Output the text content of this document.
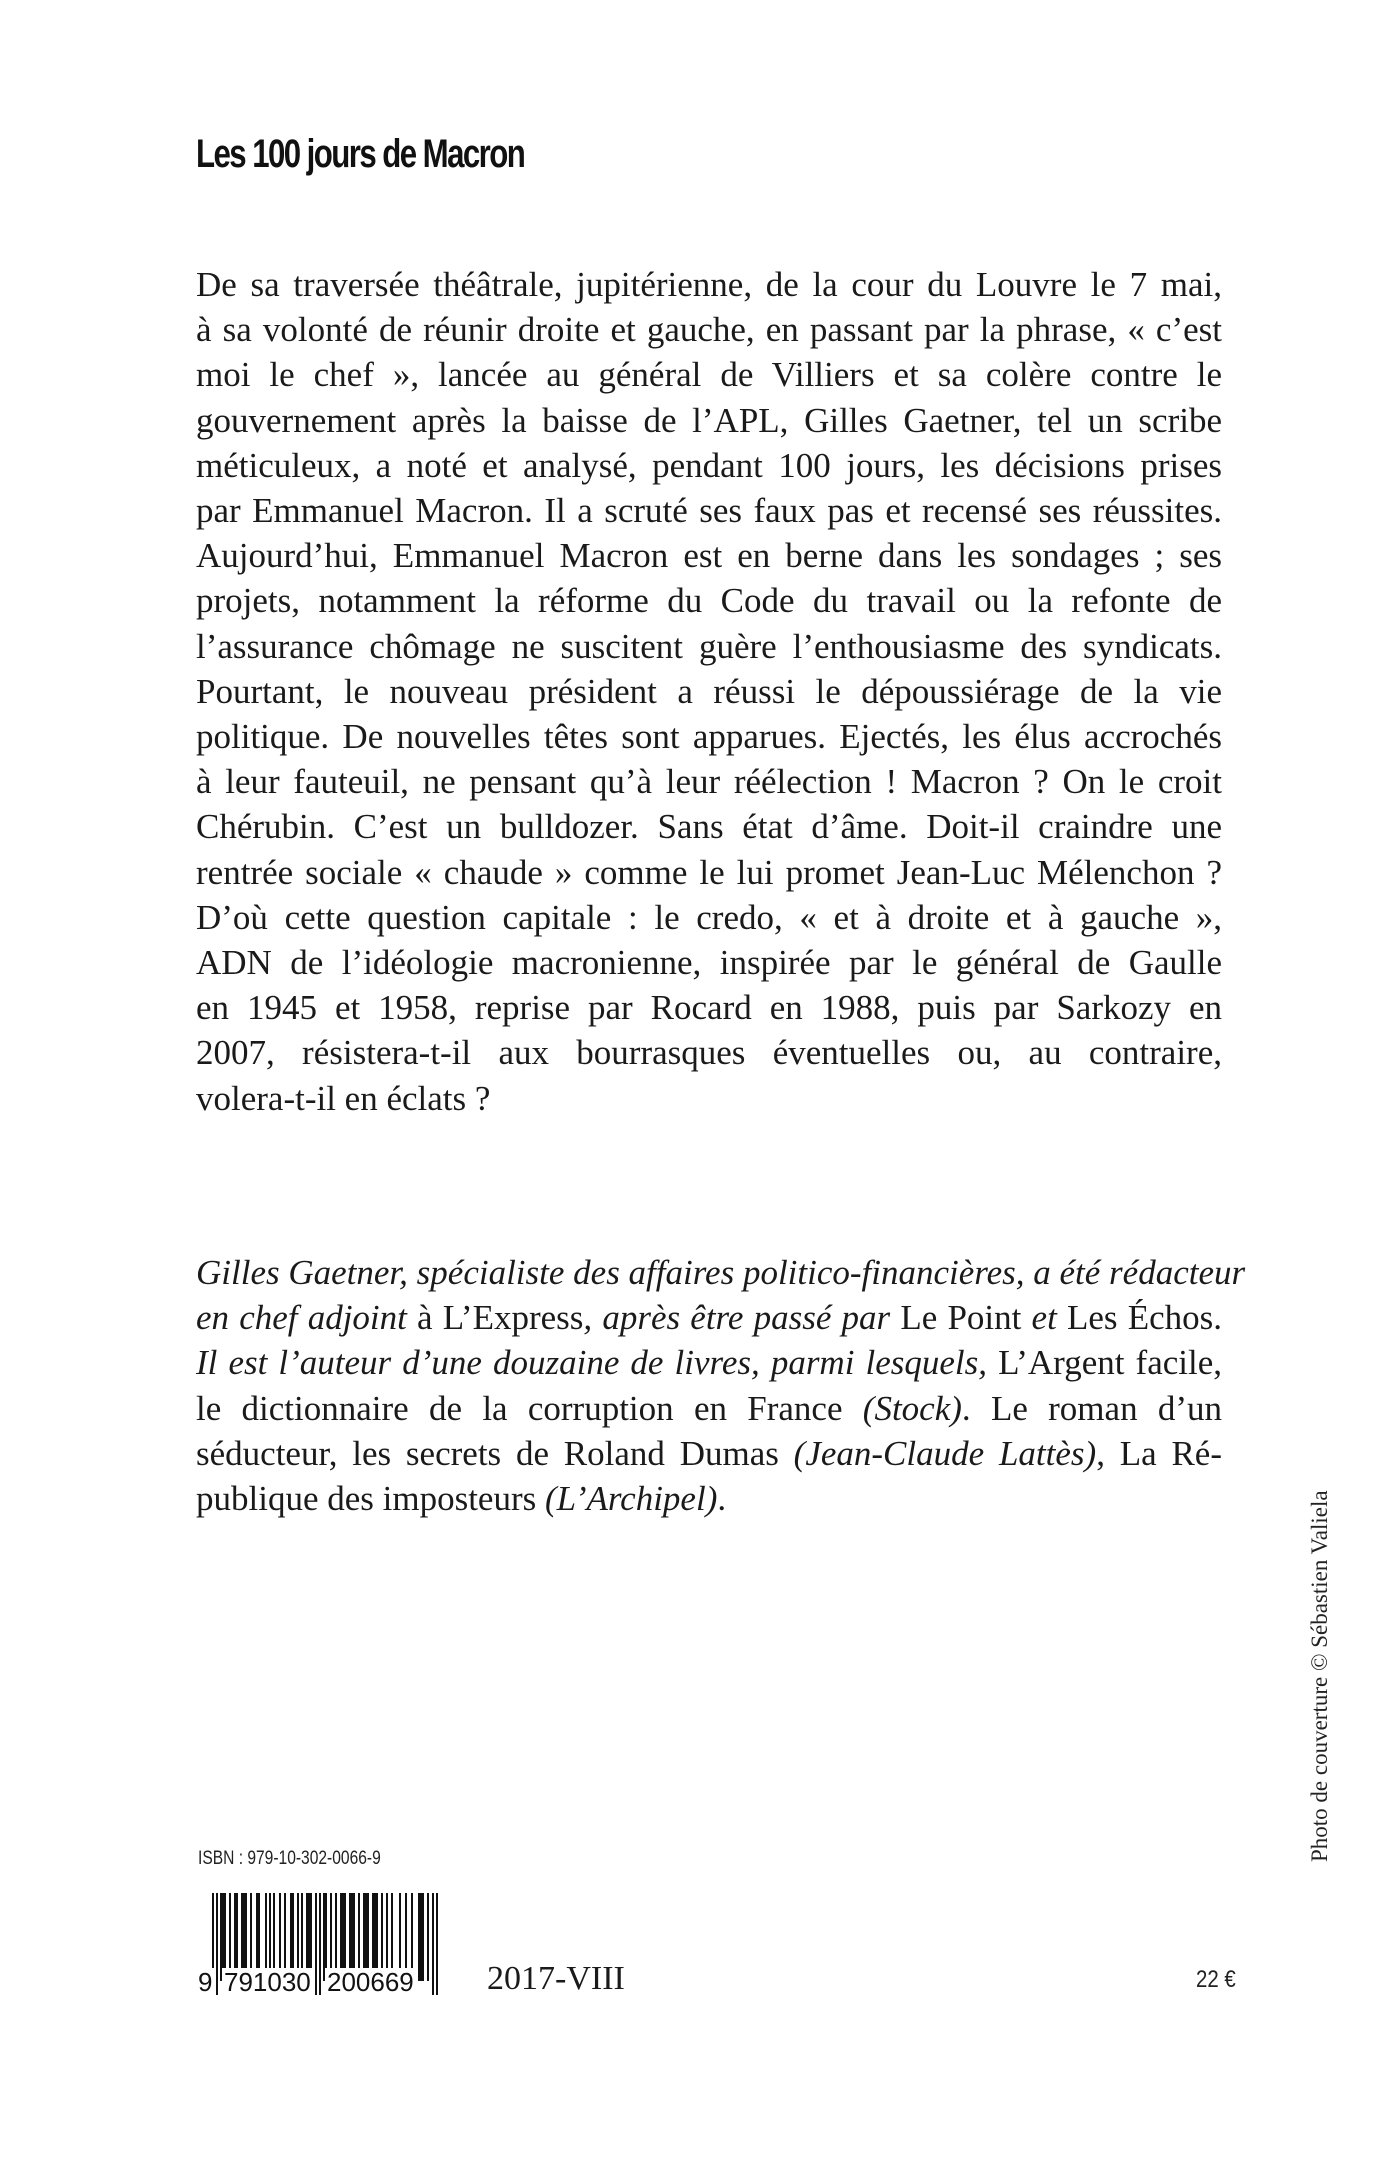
Les 100 jours de Macron
De sa traversée théâtrale, jupitérienne, de la cour du Louvre le 7 mai,
à sa volonté de réunir droite et gauche, en passant par la phrase, « c’est
moi le chef », lancée au général de Villiers et sa colère contre le
gouvernement après la baisse de l’APL, Gilles Gaetner, tel un scribe
méticuleux, a noté et analysé, pendant 100 jours, les décisions prises
par Emmanuel Macron. Il a scruté ses faux pas et recensé ses réussites.
Aujourd’hui, Emmanuel Macron est en berne dans les sondages ; ses
projets, notamment la réforme du Code du travail ou la refonte de
l’assurance chômage ne suscitent guère l’enthousiasme des syndicats.
Pourtant, le nouveau président a réussi le dépoussiérage de la vie
politique. De nouvelles têtes sont apparues. Ejectés, les élus accrochés
à leur fauteuil, ne pensant qu’à leur réélection ! Macron ? On le croit
Chérubin. C’est un bulldozer. Sans état d’âme. Doit-il craindre une
rentrée sociale « chaude » comme le lui promet Jean-Luc Mélenchon ?
D’où cette question capitale : le credo, « et à droite et à gauche »,
ADN de l’idéologie macronienne, inspirée par le général de Gaulle
en 1945 et 1958, reprise par Rocard en 1988, puis par Sarkozy en
2007, résistera-t-il aux bourrasques éventuelles ou, au contraire,
volera-t-il en éclats ?
Gilles Gaetner, spécialiste des affaires politico-financières, a été rédacteur
en chef adjoint à L’Express, après être passé par Le Point et Les Échos.
Il est l’auteur d’une douzaine de livres, parmi lesquels, L’Argent facile,
le dictionnaire de la corruption en France (Stock). Le roman d’un
séducteur, les secrets de Roland Dumas (Jean-Claude Lattès), La Ré-
publique des imposteurs (L’Archipel).	Photo de couverture © Sébastien Valiela
ISBN : 979-10-302-0066-9
9 791030 200669 2017-VIII	22 €
